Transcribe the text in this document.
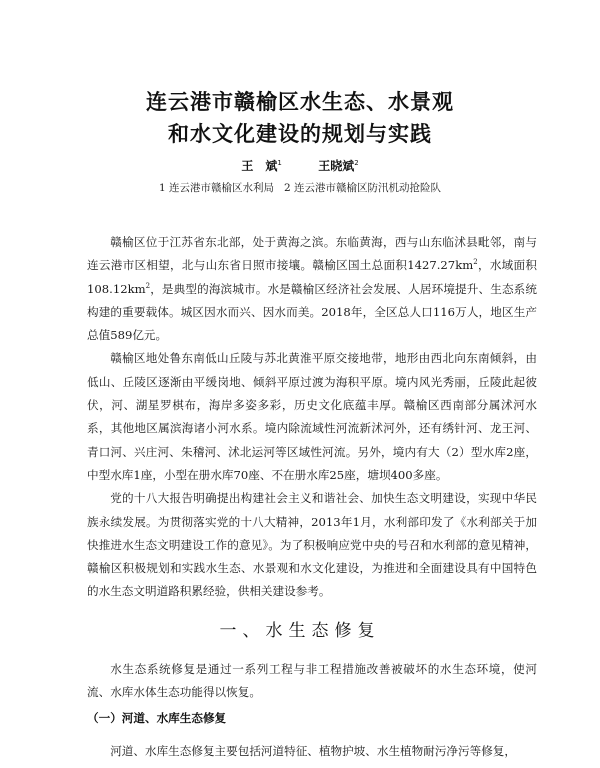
连云港市赣榆区水生态、水景观
和水文化建设的规划与实践
王　斌$^1$	王晓斌$^2$
1 连云港市赣榆区水利局 2 连云港市赣榆区防汛机动抢险队

赣榆区位于江苏省东北部，处于黄海之滨。东临黄海，西与山东临沭县毗邻，南与连云港市区相望，北与山东省日照市接壤。赣榆区国土总面积$1427.27km^2$，水域面积$108.12km^2$，是典型的海滨城市。水是赣榆区经济社会发展、人居环境提升、生态系统构建的重要载体。城区因水而兴、因水而美。2018年，全区总人口116万人，地区生产总值589亿元。

赣榆区地处鲁东南低山丘陵与苏北黄淮平原交接地带，地形由西北向东南倾斜，由低山、丘陵区逐渐由平缓岗地、倾斜平原过渡为海积平原。境内风光秀丽，丘陵此起彼伏，河、湖星罗棋布，海岸多姿多彩，历史文化底蕴丰厚。赣榆区西南部分属沭河水系，其他地区属滨海诸小河水系。境内除流域性河流新沭河外，还有绣针河、龙王河、青口河、兴庄河、朱稽河、沭北运河等区域性河流。另外，境内有大（2）型水库2座，中型水库1座，小型在册水库70座、不在册水库25座，塘坝400多座。

党的十八大报告明确提出构建社会主义和谐社会、加快生态文明建设，实现中华民族永续发展。为贯彻落实党的十八大精神，2013年1月，水利部印发了《水利部关于加快推进水生态文明建设工作的意见》。为了积极响应党中央的号召和水利部的意见精神，赣榆区积极规划和实践水生态、水景观和水文化建设，为推进和全面建设具有中国特色的水生态文明道路积累经验，供相关建设参考。

一、水生态修复

水生态系统修复是通过一系列工程与非工程措施改善被破坏的水生态环境，使河流、水库水体生态功能得以恢复。

（一）河道、水库生态修复

河道、水库生态修复主要包括河道特征、植物护坡、水生植物耐污净污等修复，
